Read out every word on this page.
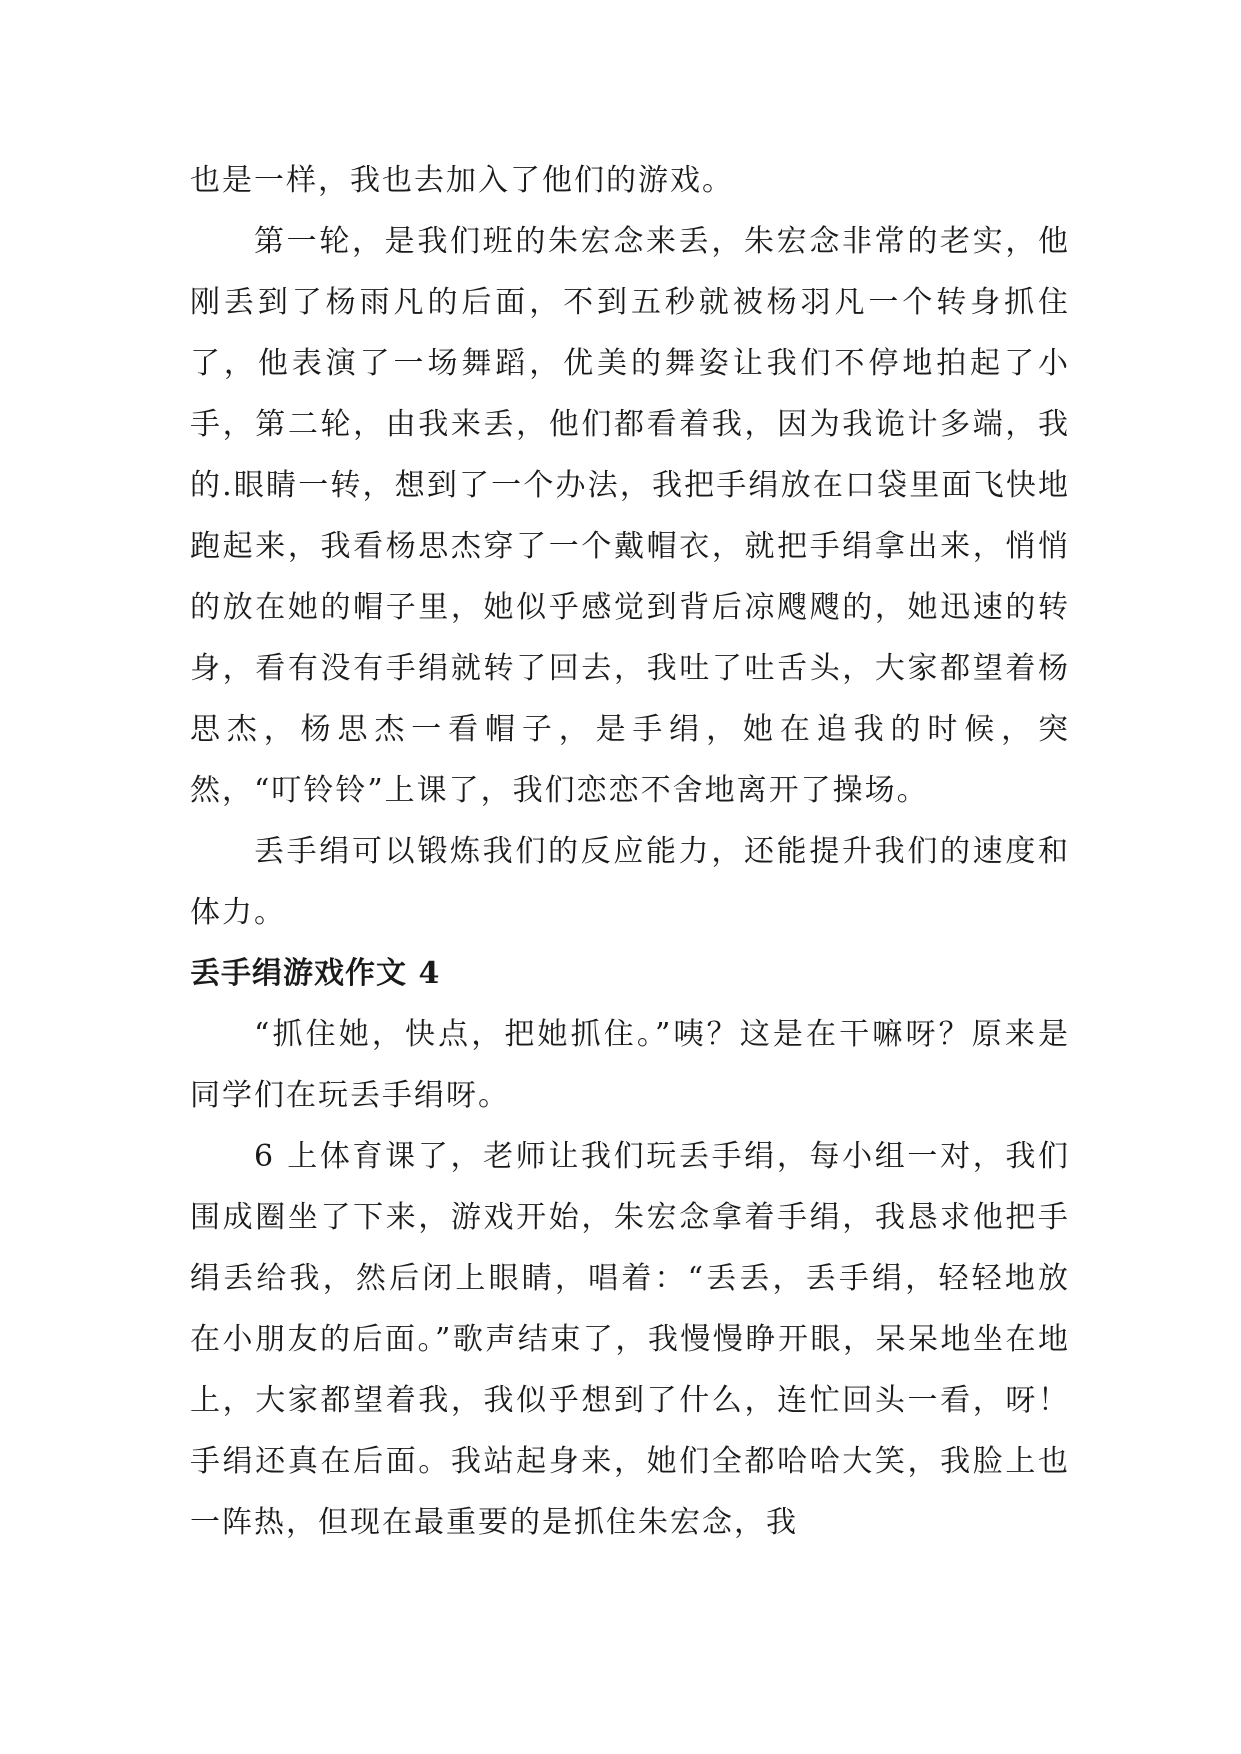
也是一样，我也去加入了他们的游戏。

第一轮，是我们班的朱宏念来丢，朱宏念非常的老实，他刚丢到了杨雨凡的后面，不到五秒就被杨羽凡一个转身抓住了，他表演了一场舞蹈，优美的舞姿让我们不停地拍起了小手，第二轮，由我来丢，他们都看着我，因为我诡计多端，我的.眼睛一转，想到了一个办法，我把手绢放在口袋里面飞快地跑起来，我看杨思杰穿了一个戴帽衣，就把手绢拿出来，悄悄的放在她的帽子里，她似乎感觉到背后凉飕飕的，她迅速的转身，看有没有手绢就转了回去，我吐了吐舌头，大家都望着杨思杰，杨思杰一看帽子，是手绢，她在追我的时候，突然，“叮铃铃”上课了，我们恋恋不舍地离开了操场。

丢手绢可以锻炼我们的反应能力，还能提升我们的速度和体力。

丢手绢游戏作文 4

“抓住她，快点，把她抓住。”咦？这是在干嘛呀？原来是同学们在玩丢手绢呀。

6 上体育课了，老师让我们玩丢手绢，每小组一对，我们围成圈坐了下来，游戏开始，朱宏念拿着手绢，我恳求他把手绢丢给我，然后闭上眼睛，唱着：“丢丢，丢手绢，轻轻地放在小朋友的后面。”歌声结束了，我慢慢睁开眼，呆呆地坐在地上，大家都望着我，我似乎想到了什么，连忙回头一看，呀！手绢还真在后面。我站起身来，她们全都哈哈大笑，我脸上也一阵热，但现在最重要的是抓住朱宏念，我
